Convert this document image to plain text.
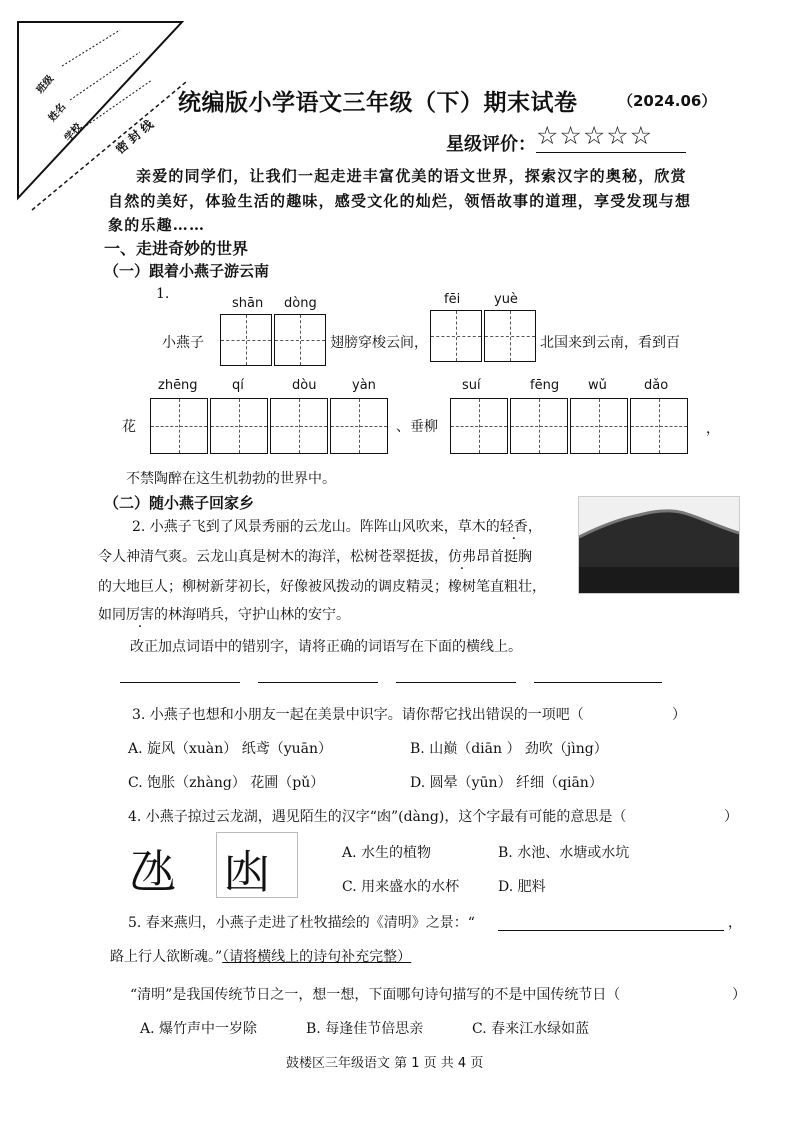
班级
姓名
学校 密 封 线
统编版小学语文三年级（下）期末试卷	（2024.06）
星级评价： ☆☆☆☆☆
亲爱的同学们，让我们一起走进丰富优美的语文世界，探索汉字的奥秘，欣赏
自然的美好，体验生活的趣味，感受文化的灿烂，领悟故事的道理，享受发现与想
象的乐趣……
一、走进奇妙的世界
（一）跟着小燕子游云南
1.
shān dòng	fēi	yuè
小燕子	翅膀穿梭云间，	北国来到云南，看到百
zhēng	qí	dòu	yàn	suí	fēng wǔ	dǎo
花	、垂柳	，
不禁陶醉在这生机勃勃的世界中。
（二）随小燕子回家乡
2. 小燕子飞到了风景秀丽的云龙山。阵阵山风吹来，草木的轻香，
令人神清气爽。云龙山真是树木的海洋，松树苍翠挺拔，仿弗昂首挺胸
的大地巨人；柳树新芽初长，好像被风拨动的调皮精灵；橡树笔直粗壮，
如同厉害的林海哨兵，守护山林的安宁。
改正加点词语中的错别字，请将正确的词语写在下面的横线上。
3. 小燕子也想和小朋友一起在美景中识字。请你帮它找出错误的一项吧（	）
A. 旋风（xuàn） 纸鸢（yuān）	B. 山巅（diān ） 劲吹（jìng）
C. 饱胀（zhàng） 花圃（pǔ）	D. 圆晕（yūn） 纤细（qiān）
4. 小燕子掠过云龙湖，遇见陌生的汉字“凼”(dàng)，这个字最有可能的意思是（	）
氹 凼	A. 水生的植物	B. 水池、水塘或水坑
C. 用来盛水的水杯	D. 肥料
5. 春来燕归，小燕子走进了杜牧描绘的《清明》之景：“	，
路上行人欲断魂。”（请将横线上的诗句补充完整）
“清明”是我国传统节日之一，想一想，下面哪句诗句描写的不是中国传统节日（	）
A. 爆竹声中一岁除	B. 每逢佳节倍思亲	C. 春来江水绿如蓝
鼓楼区三年级语文 第 1 页 共 4 页
